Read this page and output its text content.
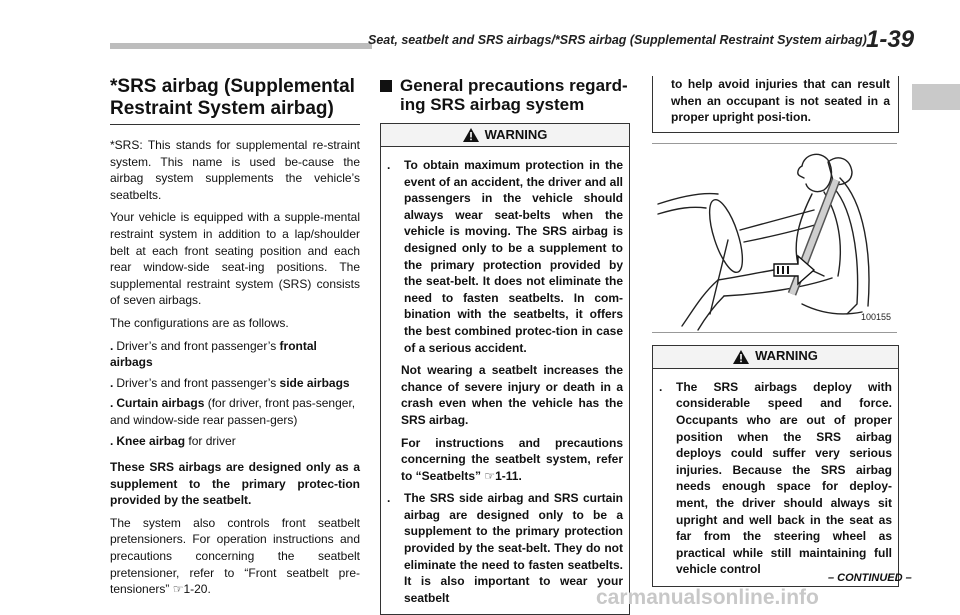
Seat, seatbelt and SRS airbags/*SRS airbag (Supplemental Restraint System airbag) 1-39
*SRS airbag (Supplemental Restraint System airbag)

*SRS: This stands for supplemental re-straint system. This name is used be-cause the airbag system supplements the vehicle’s seatbelts.

Your vehicle is equipped with a supple-mental restraint system in addition to a lap/shoulder belt at each front seating position and each rear window-side seat-ing positions. The supplemental restraint system (SRS) consists of seven airbags.

The configurations are as follows.

. Driver’s and front passenger’s frontal airbags
. Driver’s and front passenger’s side airbags
. Curtain airbags (for driver, front pas-senger, and window-side rear passen-gers)
. Knee airbag for driver

These SRS airbags are designed only as a supplement to the primary protec-tion provided by the seatbelt.

The system also controls front seatbelt pretensioners. For operation instructions and precautions concerning the seatbelt pretensioner, refer to “Front seatbelt pre-tensioners” ☞1-20.

General precautions regard-ing SRS airbag system
WARNING
.	To obtain maximum protection in the event of an accident, the driver and all passengers in the vehicle should always wear seat-belts when the vehicle is moving. The SRS airbag is designed only to be a supplement to the primary protection provided by the seat-belt. It does not eliminate the need to fasten seatbelts. In com-bination with the seatbelts, it offers the best combined protec-tion in case of a serious accident.

Not wearing a seatbelt increases the chance of severe injury or death in a crash even when the vehicle has the SRS airbag.

For instructions and precautions concerning the seatbelt system, refer to “Seatbelts” ☞1-11.

.	The SRS side airbag and SRS curtain airbag are designed only to be a supplement to the primary protection provided by the seat-belt. They do not eliminate the need to fasten seatbelts. It is also important to wear your seatbelt
to help avoid injuries that can result when an occupant is not seated in a proper upright posi-tion.
100155
WARNING
.	The SRS airbags deploy with considerable speed and force. Occupants who are out of proper position when the SRS airbag deploys could suffer very serious injuries. Because the SRS airbag needs enough space for deploy-ment, the driver should always sit upright and well back in the seat as far from the steering wheel as practical while still maintaining full vehicle control
– CONTINUED –
carmanualsonline.info
